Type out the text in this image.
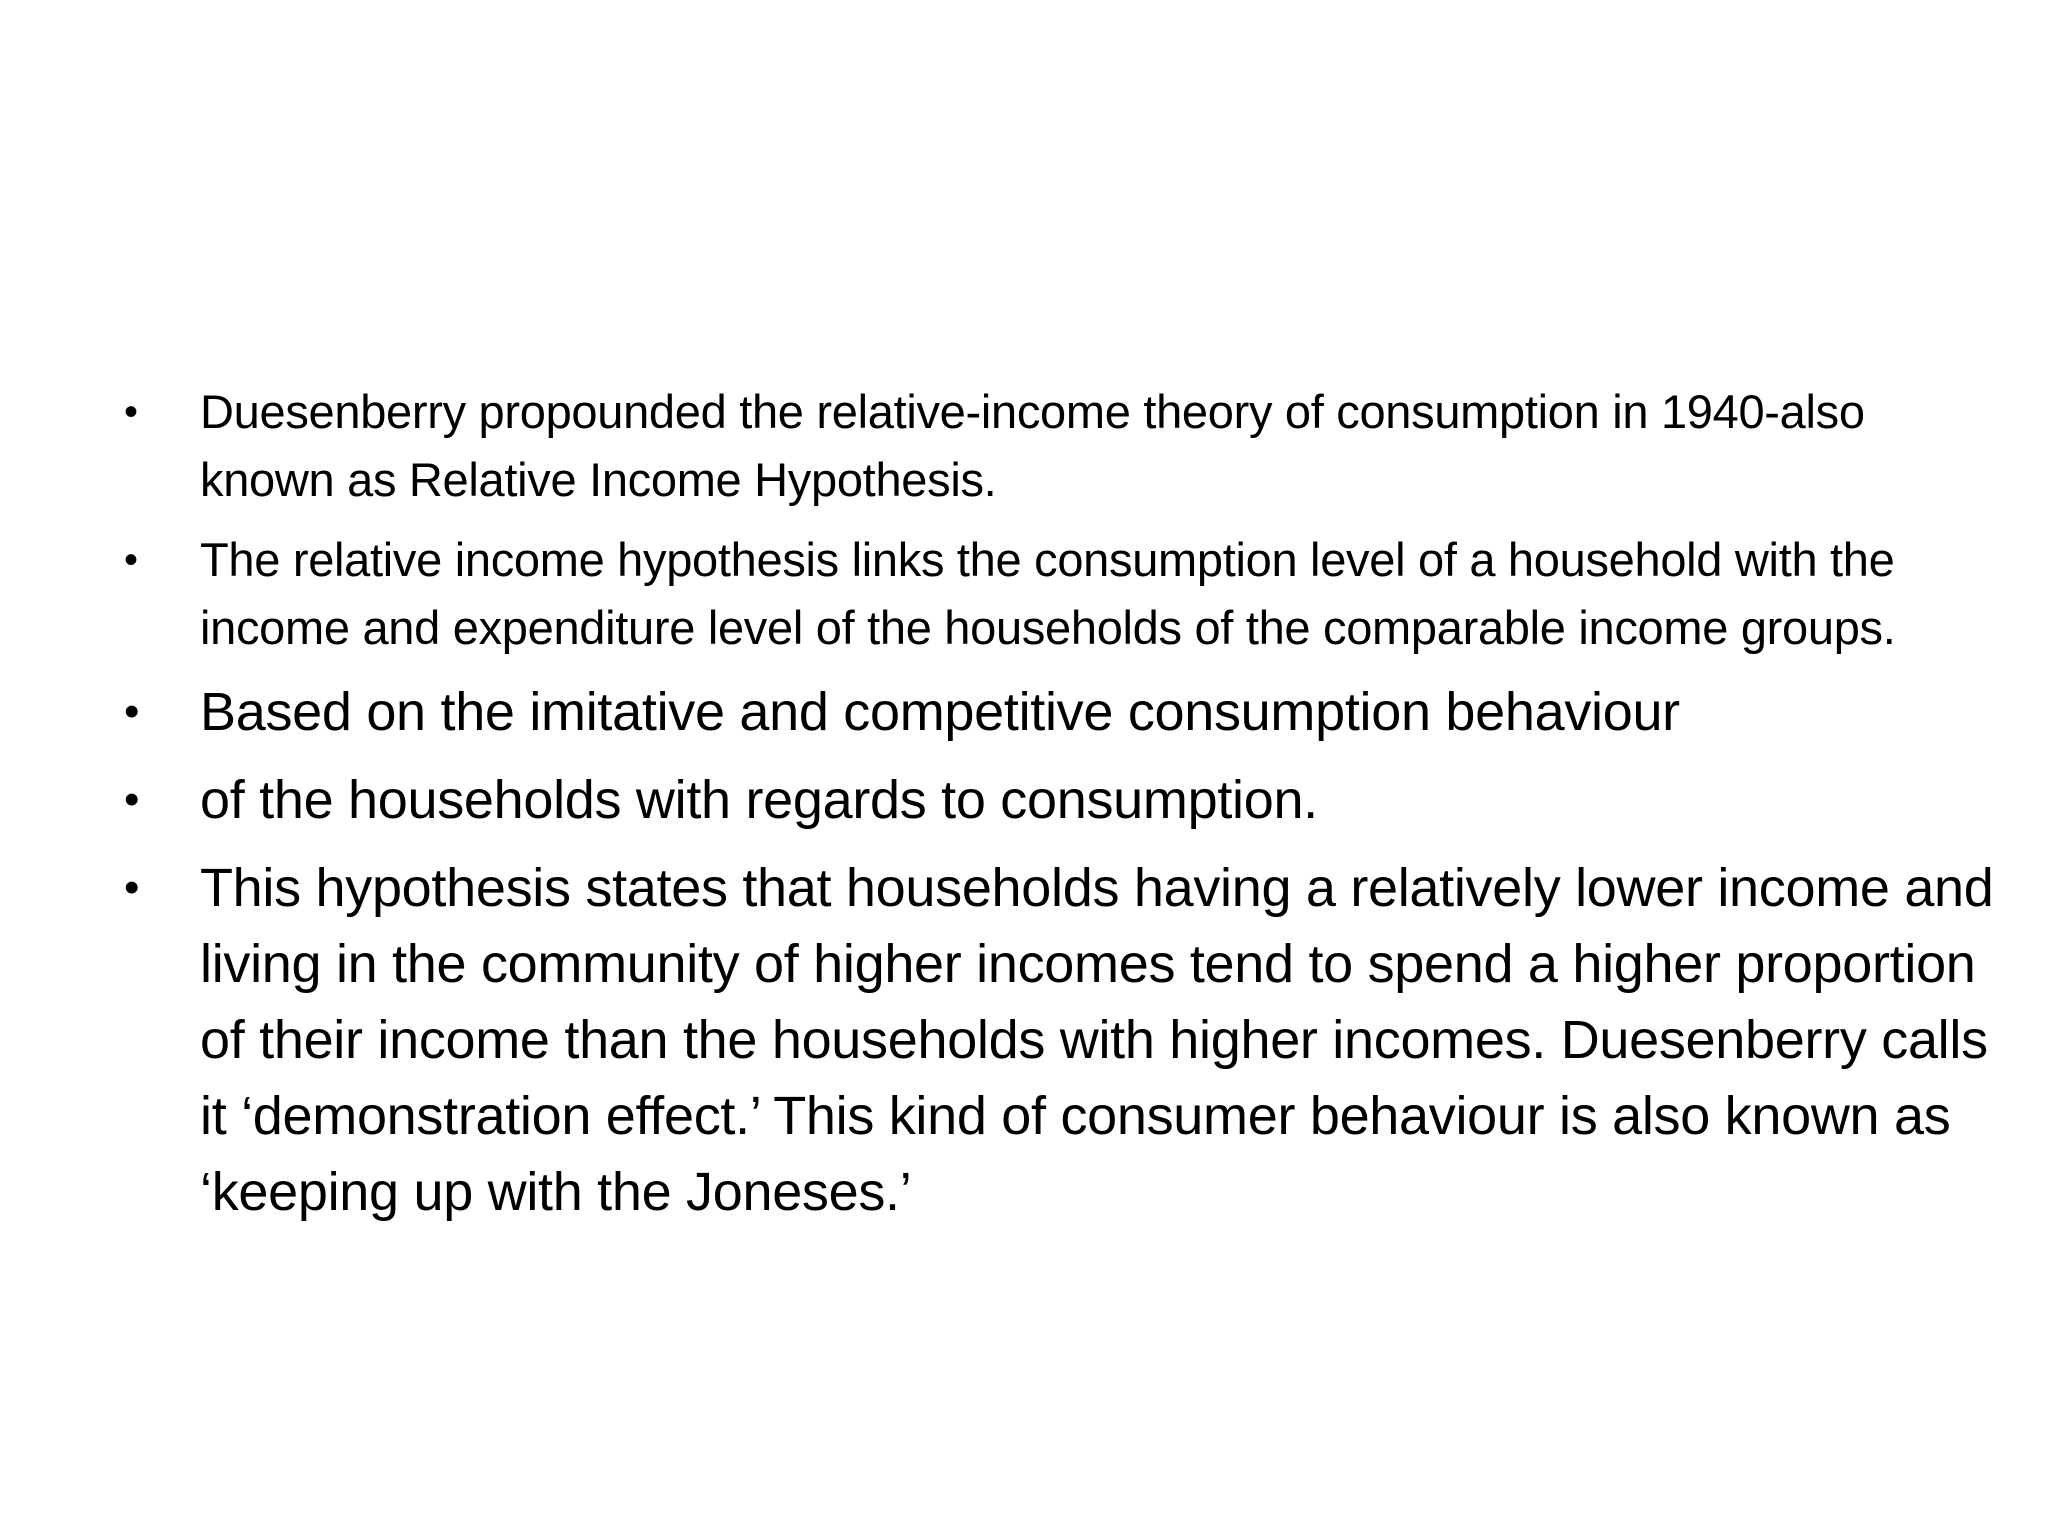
• Duesenberry propounded the relative-income theory of consumption in 1940-also known as Relative Income Hypothesis.
• The relative income hypothesis links the consumption level of a household with the income and expenditure level of the households of the comparable income groups.
• Based on the imitative and competitive consumption behaviour
• of the households with regards to consumption.
• This hypothesis states that households having a relatively lower income and living in the community of higher incomes tend to spend a higher proportion of their income than the households with higher incomes. Duesenberry calls it ‘demonstration effect.’ This kind of consumer behaviour is also known as ‘keeping up with the Joneses.’
